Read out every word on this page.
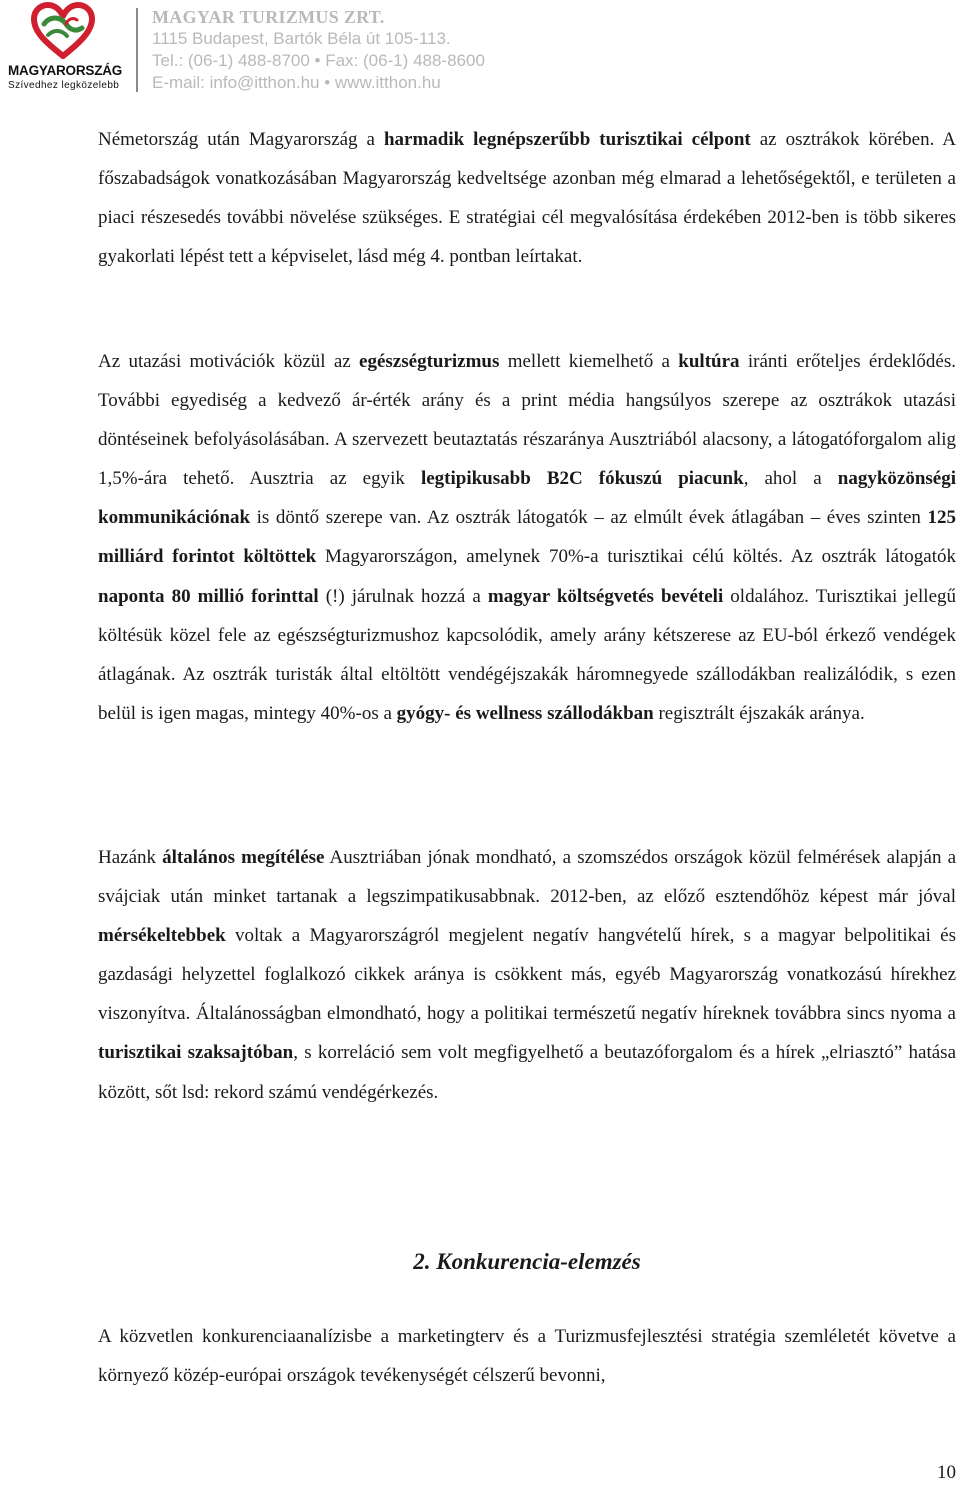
MAGYARORSZÁG
Szívedhez legközelebb
MAGYAR TURIZMUS ZRT.
1115 Budapest, Bartók Béla út 105-113.
Tel.: (06-1) 488-8700 • Fax: (06-1) 488-8600
E-mail: info@itthon.hu • www.itthon.hu

Németország után Magyarország a harmadik legnépszerűbb turisztikai célpont az osztrákok körében. A főszabadságok vonatkozásában Magyarország kedveltsége azonban még elmarad a lehetőségektől, e területen a piaci részesedés további növelése szükséges. E stratégiai cél megvalósítása érdekében 2012-ben is több sikeres gyakorlati lépést tett a képviselet, lásd még 4. pontban leírtakat.

Az utazási motivációk közül az egészségturizmus mellett kiemelhető a kultúra iránti erőteljes érdeklődés. További egyediség a kedvező ár-érték arány és a print média hangsúlyos szerepe az osztrákok utazási döntéseinek befolyásolásában. A szervezett beutaztatás részaránya Ausztriából alacsony, a látogatóforgalom alig 1,5%-ára tehető. Ausztria az egyik legtipikusabb B2C fókuszú piacunk, ahol a nagyközönségi kommunikációnak is döntő szerepe van. Az osztrák látogatók – az elmúlt évek átlagában – éves szinten 125 milliárd forintot költöttek Magyarországon, amelynek 70%-a turisztikai célú költés. Az osztrák látogatók naponta 80 millió forinttal (!) járulnak hozzá a magyar költségvetés bevételi oldalához. Turisztikai jellegű költésük közel fele az egészségturizmushoz kapcsolódik, amely arány kétszerese az EU-ból érkező vendégek átlagának. Az osztrák turisták által eltöltött vendégéjszakák háromnegyede szállodákban realizálódik, s ezen belül is igen magas, mintegy 40%-os a gyógy- és wellness szállodákban regisztrált éjszakák aránya.

Hazánk általános megítélése Ausztriában jónak mondható, a szomszédos országok közül felmérések alapján a svájciak után minket tartanak a legszimpatikusabbnak. 2012-ben, az előző esztendőhöz képest már jóval mérsékeltebbek voltak a Magyarországról megjelent negatív hangvételű hírek, s a magyar belpolitikai és gazdasági helyzettel foglalkozó cikkek aránya is csökkent más, egyéb Magyarország vonatkozású hírekhez viszonyítva. Általánosságban elmondható, hogy a politikai természetű negatív híreknek továbbra sincs nyoma a turisztikai szaksajtóban, s korreláció sem volt megfigyelhető a beutazóforgalom és a hírek „elriasztó” hatása között, sőt lsd: rekord számú vendégérkezés.

2. Konkurencia-elemzés

A közvetlen konkurenciaanalízisbe a marketingterv és a Turizmusfejlesztési stratégia szemléletét követve a környező közép-európai országok tevékenységét célszerű bevonni,

10
